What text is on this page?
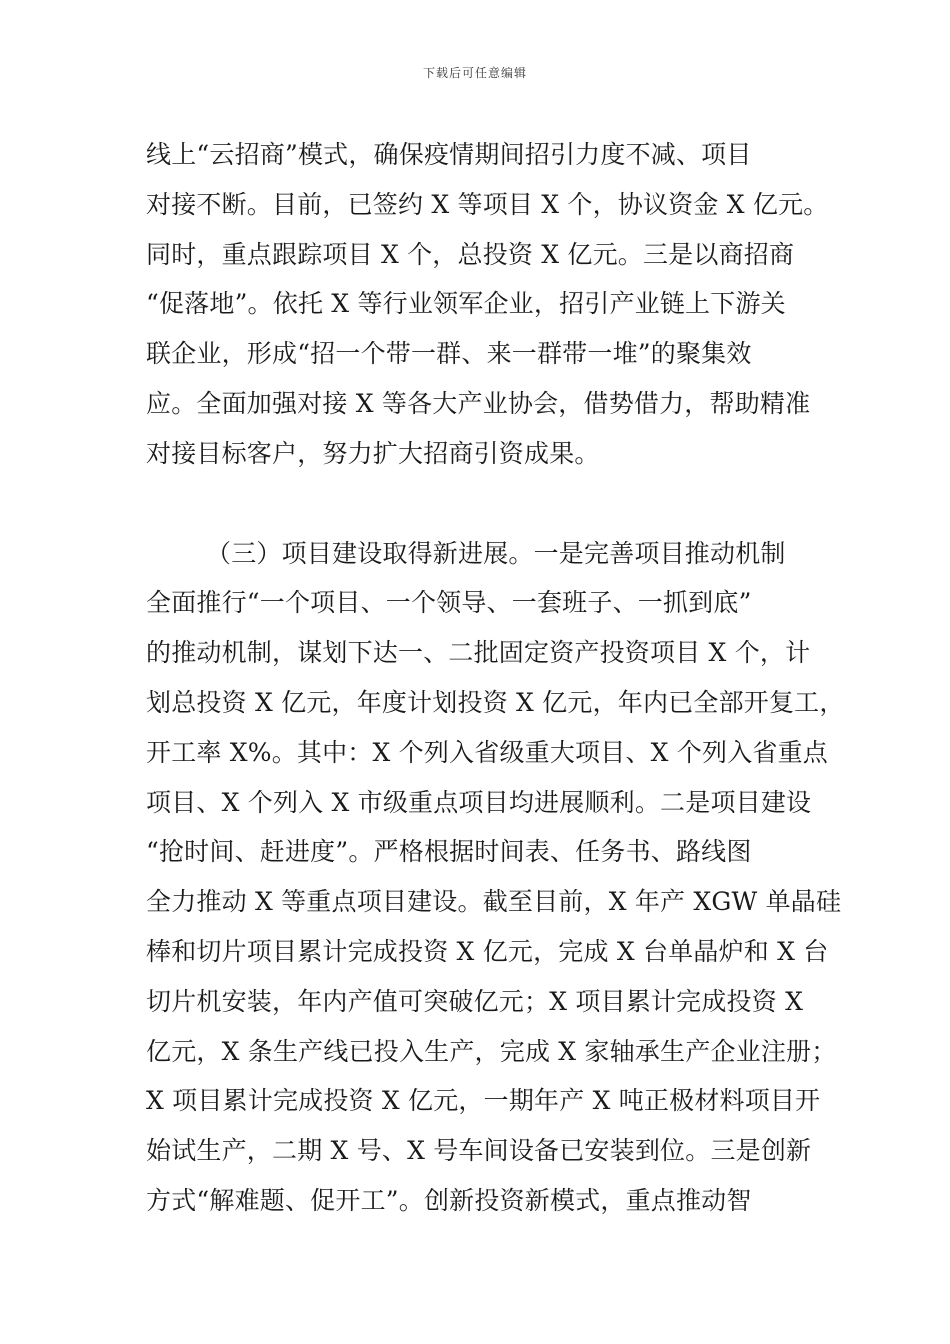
下载后可任意编辑
线上“云招商”模式，确保疫情期间招引力度不减、项目
对接不断。目前，已签约 X 等项目 X 个，协议资金 X 亿元。
同时，重点跟踪项目 X 个，总投资 X 亿元。三是以商招商
“促落地”。依托 X 等行业领军企业，招引产业链上下游关
联企业，形成“招一个带一群、来一群带一堆”的聚集效
应。全面加强对接 X 等各大产业协会，借势借力，帮助精准
对接目标客户，努力扩大招商引资成果。
（三）项目建设取得新进展。一是完善项目推动机制
全面推行“一个项目、一个领导、一套班子、一抓到底”
的推动机制，谋划下达一、二批固定资产投资项目 X 个，计
划总投资 X 亿元，年度计划投资 X 亿元，年内已全部开复工，
开工率 X%。其中：X 个列入省级重大项目、X 个列入省重点
项目、X 个列入 X 市级重点项目均进展顺利。二是项目建设
“抢时间、赶进度”。严格根据时间表、任务书、路线图
全力推动 X 等重点项目建设。截至目前，X 年产 XGW 单晶硅
棒和切片项目累计完成投资 X 亿元，完成 X 台单晶炉和 X 台
切片机安装，年内产值可突破亿元；X 项目累计完成投资 X
亿元，X 条生产线已投入生产，完成 X 家轴承生产企业注册；
X 项目累计完成投资 X 亿元，一期年产 X 吨正极材料项目开
始试生产，二期 X 号、X 号车间设备已安装到位。三是创新
方式“解难题、促开工”。创新投资新模式，重点推动智
